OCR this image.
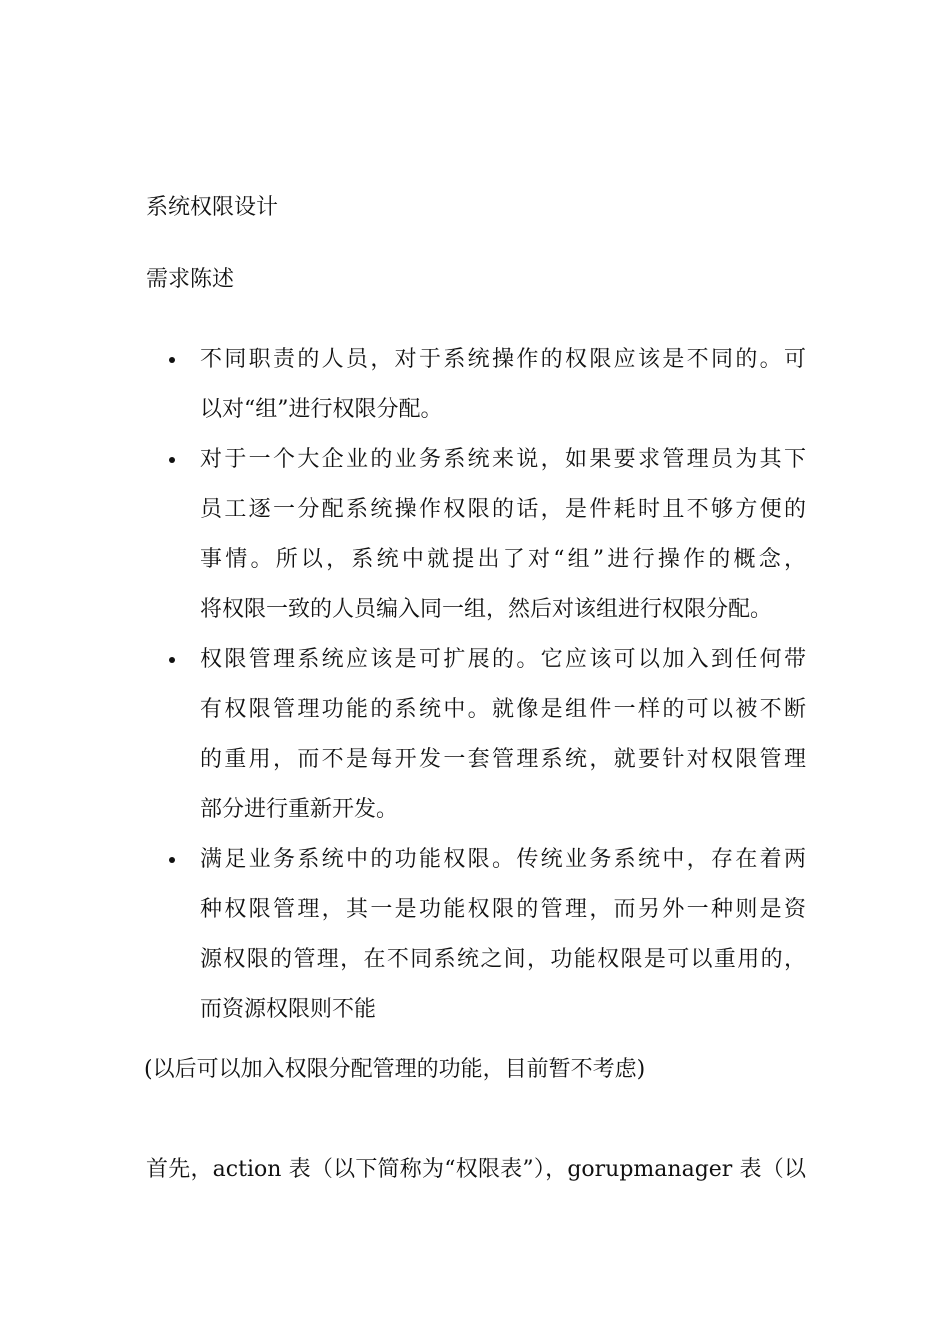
系统权限设计
需求陈述
不同职责的人员，对于系统操作的权限应该是不同的。可
以对“组”进行权限分配。
对于一个大企业的业务系统来说，如果要求管理员为其下
员工逐一分配系统操作权限的话，是件耗时且不够方便的
事情。所以，系统中就提出了对“组”进行操作的概念，
将权限一致的人员编入同一组，然后对该组进行权限分配。
权限管理系统应该是可扩展的。它应该可以加入到任何带
有权限管理功能的系统中。就像是组件一样的可以被不断
的重用，而不是每开发一套管理系统，就要针对权限管理
部分进行重新开发。
满足业务系统中的功能权限。传统业务系统中，存在着两
种权限管理，其一是功能权限的管理，而另外一种则是资
源权限的管理，在不同系统之间，功能权限是可以重用的，
而资源权限则不能
(以后可以加入权限分配管理的功能，目前暂不考虑)
首先，action 表（以下简称为“权限表”），gorupmanager 表（以
